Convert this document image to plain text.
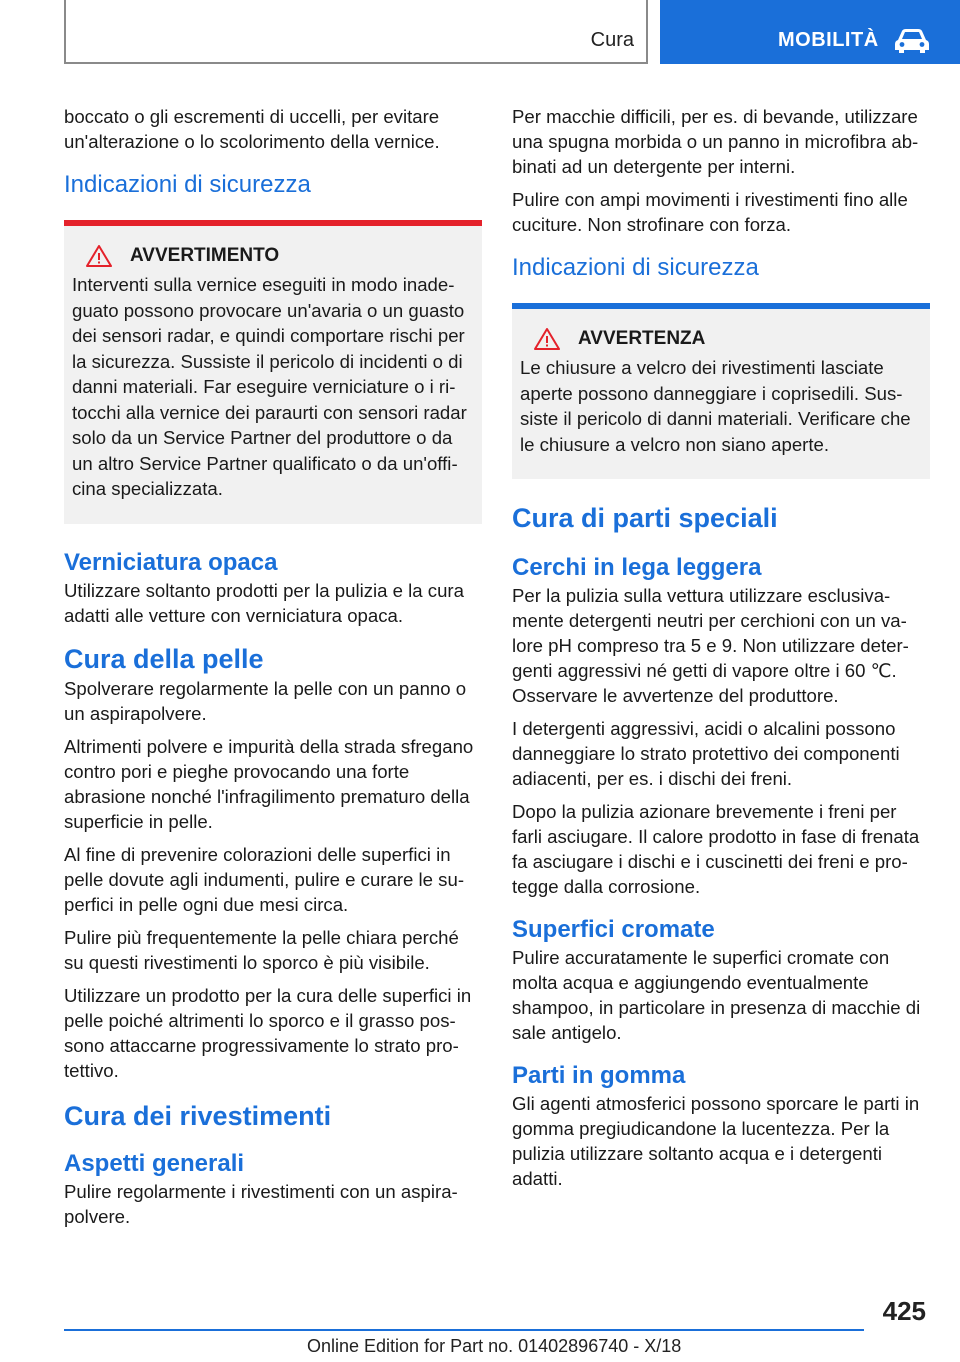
Cura	MOBILITÀ

boccato o gli escrementi di uccelli, per evitare un'alterazione o lo scolorimento della vernice.

Indicazioni di sicurezza
AVVERTIMENTO

Interventi sulla vernice eseguiti in modo inadeguato possono provocare un'avaria o un guasto dei sensori radar, e quindi comportare rischi per la sicurezza. Sussiste il pericolo di incidenti o di danni materiali. Far eseguire verniciature o i ritocchi alla vernice dei paraurti con sensori radar solo da un Service Partner del produttore o da un altro Service Partner qualificato o da un'officina specializzata.

Verniciatura opaca

Utilizzare soltanto prodotti per la pulizia e la cura adatti alle vetture con verniciatura opaca.

Cura della pelle

Spolverare regolarmente la pelle con un panno o un aspirapolvere.

Altrimenti polvere e impurità della strada sfregano contro pori e pieghe provocando una forte abrasione nonché l'infragilimento prematuro della superficie in pelle.

Al fine di prevenire colorazioni delle superfici in pelle dovute agli indumenti, pulire e curare le superfici in pelle ogni due mesi circa.

Pulire più frequentemente la pelle chiara perché su questi rivestimenti lo sporco è più visibile.

Utilizzare un prodotto per la cura delle superfici in pelle poiché altrimenti lo sporco e il grasso possono attaccarne progressivamente lo strato protettivo.

Cura dei rivestimenti
Aspetti generali

Pulire regolarmente i rivestimenti con un aspirapolvere.

Per macchie difficili, per es. di bevande, utilizzare una spugna morbida o un panno in microfibra abbinati ad un detergente per interni.

Pulire con ampi movimenti i rivestimenti fino alle cuciture. Non strofinare con forza.

Indicazioni di sicurezza
AVVERTENZA

Le chiusure a velcro dei rivestimenti lasciate aperte possono danneggiare i coprisedili. Sussiste il pericolo di danni materiali. Verificare che le chiusure a velcro non siano aperte.

Cura di parti speciali
Cerchi in lega leggera

Per la pulizia sulla vettura utilizzare esclusivamente detergenti neutri per cerchioni con un valore pH compreso tra 5 e 9. Non utilizzare detergenti aggressivi né getti di vapore oltre i 60 ℃. Osservare le avvertenze del produttore.

I detergenti aggressivi, acidi o alcalini possono danneggiare lo strato protettivo dei componenti adiacenti, per es. i dischi dei freni.

Dopo la pulizia azionare brevemente i freni per farli asciugare. Il calore prodotto in fase di frenata fa asciugare i dischi e i cuscinetti dei freni e protegge dalla corrosione.

Superfici cromate

Pulire accuratamente le superfici cromate con molta acqua e aggiungendo eventualmente shampoo, in particolare in presenza di macchie di sale antigelo.

Parti in gomma

Gli agenti atmosferici possono sporcare le parti in gomma pregiudicandone la lucentezza. Per la pulizia utilizzare soltanto acqua e i detergenti adatti.

425
Online Edition for Part no. 01402896740 - X/18
